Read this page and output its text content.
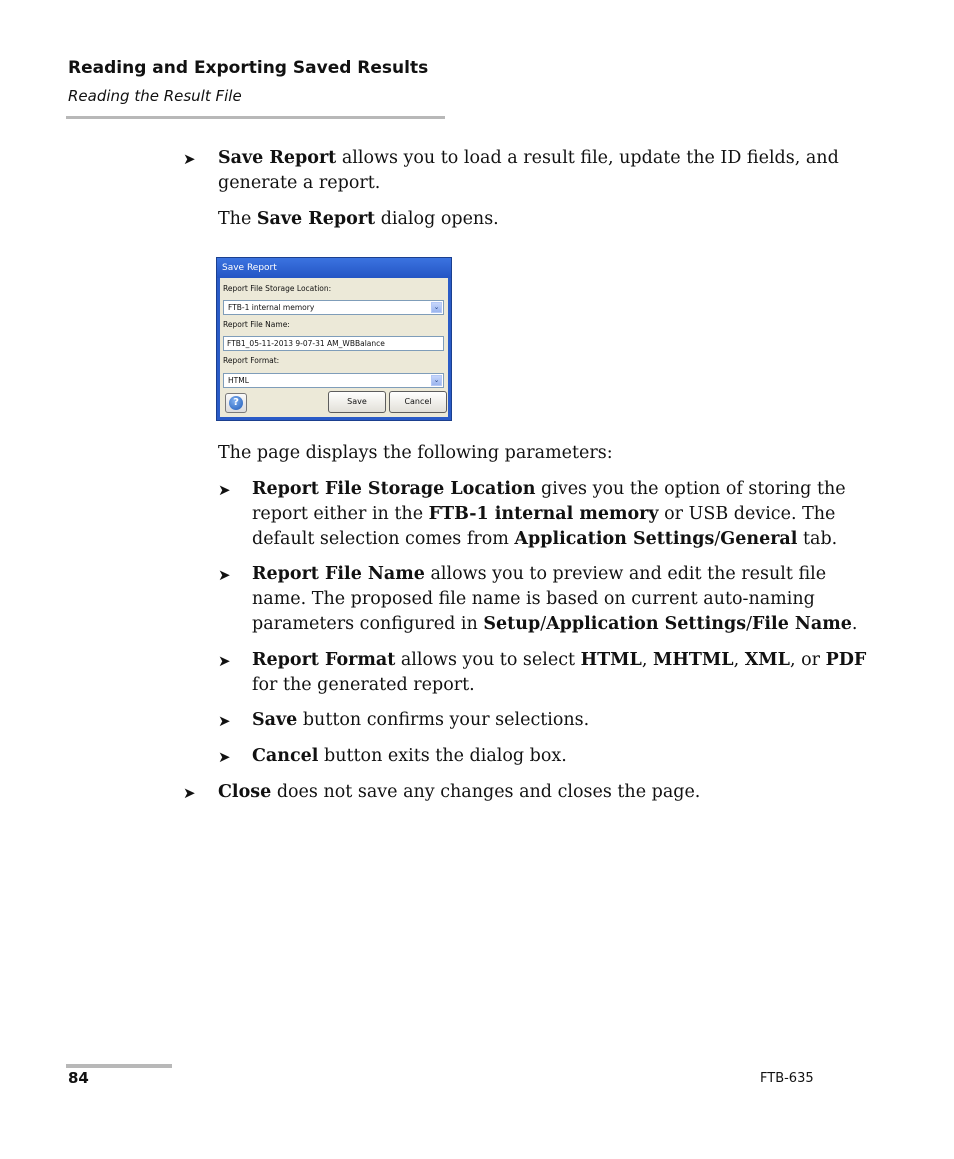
Reading and Exporting Saved Results
Reading the Result File
➤ Save Report allows you to load a result file, update the ID fields, and
generate a report.
The Save Report dialog opens.
Save Report
Report File Storage Location:
FTB-1 internal memory	⌄
Report File Name:
FTB1_05-11-2013 9-07-31 AM_WBBalance
Report Format:
HTML	⌄
?	Save	Cancel
The page displays the following parameters:
➤ Report File Storage Location gives you the option of storing the
report either in the FTB-1 internal memory or USB device. The
default selection comes from Application Settings/General tab.
➤ Report File Name allows you to preview and edit the result file
name. The proposed file name is based on current auto-naming
parameters configured in Setup/Application Settings/File Name.
➤ Report Format allows you to select HTML, MHTML, XML, or PDF
for the generated report.
➤ Save button confirms your selections.
➤ Cancel button exits the dialog box.
➤ Close does not save any changes and closes the page.
84	FTB-635
